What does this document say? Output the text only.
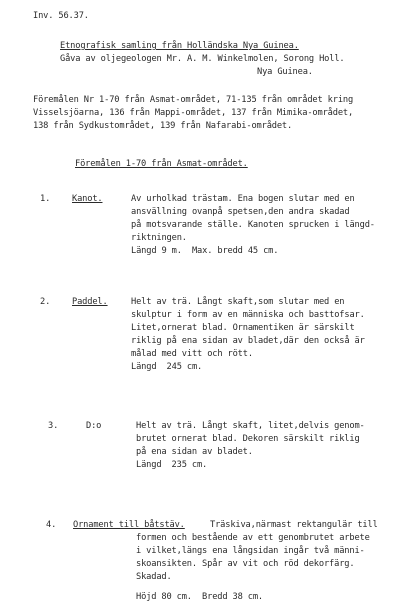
Inv. 56.37.
Etnografisk samling från Holländska Nya Guinea.
Gåva av oljegeologen Mr. A. M. Winkelmolen, Sorong Holl.
Nya Guinea.
Föremålen Nr 1-70 från Asmat-området, 71-135 från området kring
Visselsjöarna, 136 från Mappi-området, 137 från Mimika-området,
138 från Sydkustområdet, 139 från Nafarabi-området.
Föremålen 1-70 från Asmat-området.
1.	Kanot.	Av urholkad trästam. Ena bogen slutar med en
ansvällning ovanpå spetsen,den andra skadad
på motsvarande ställe. Kanoten sprucken i längd-
riktningen.
Längd 9 m.  Max. bredd 45 cm.
2.	Paddel.	Helt av trä. Långt skaft,som slutar med en
skulptur i form av en människa och basttofsar.
Litet,ornerat blad. Ornamentiken är särskilt
riklig på ena sidan av bladet,där den också är
målad med vitt och rött.
Längd  245 cm.
3.	D:o	Helt av trä. Långt skaft, litet,delvis genom-
brutet ornerat blad. Dekoren särskilt riklig
på ena sidan av bladet.
Längd  235 cm.
4. Ornament till båtstäv.	Träskiva,närmast rektangulär till
formen och bestående av ett genombrutet arbete
i vilket,längs ena långsidan ingår två männi-
skoansikten. Spår av vit och röd dekorfärg.
Skadad.
Höjd 80 cm.  Bredd 38 cm.
